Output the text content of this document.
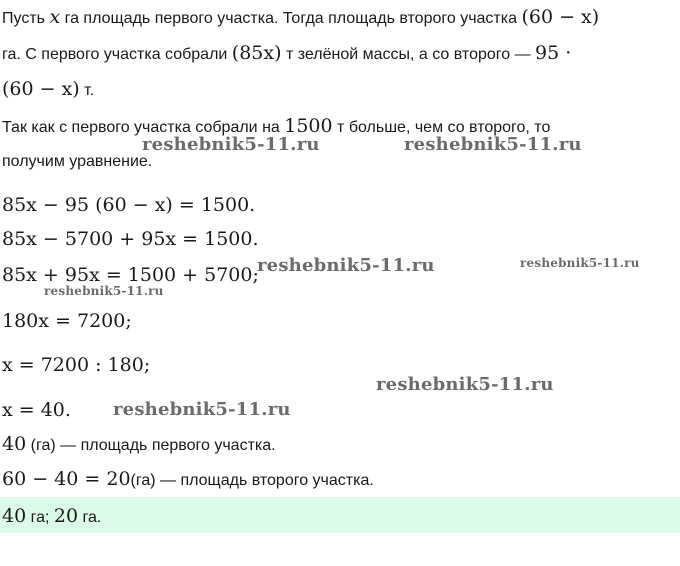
Пусть x га площадь первого участка. Тогда площадь второго участка (60 − x)
га. С первого участка собрали (85x) т зелёной массы, а со второго — 95 ·
(60 − x) т.
Так как с первого участка собрали на 1500 т больше, чем со второго, то
получим уравнение.
85x − 95 (60 − x) = 1500.
85x − 5700 + 95x = 1500.
85x + 95x = 1500 + 5700;
180x = 7200;
x = 7200 : 180;
x = 40.
40 (га) — площадь первого участка.
60 − 40 = 20(га) — площадь второго участка.
40 га; 20 га.
reshebnik5-11.ru	reshebnik5-11.ru
reshebnik5-11.ru	reshebnik5-11.ru
reshebnik5-11.ru
reshebnik5-11.ru
reshebnik5-11.ru
